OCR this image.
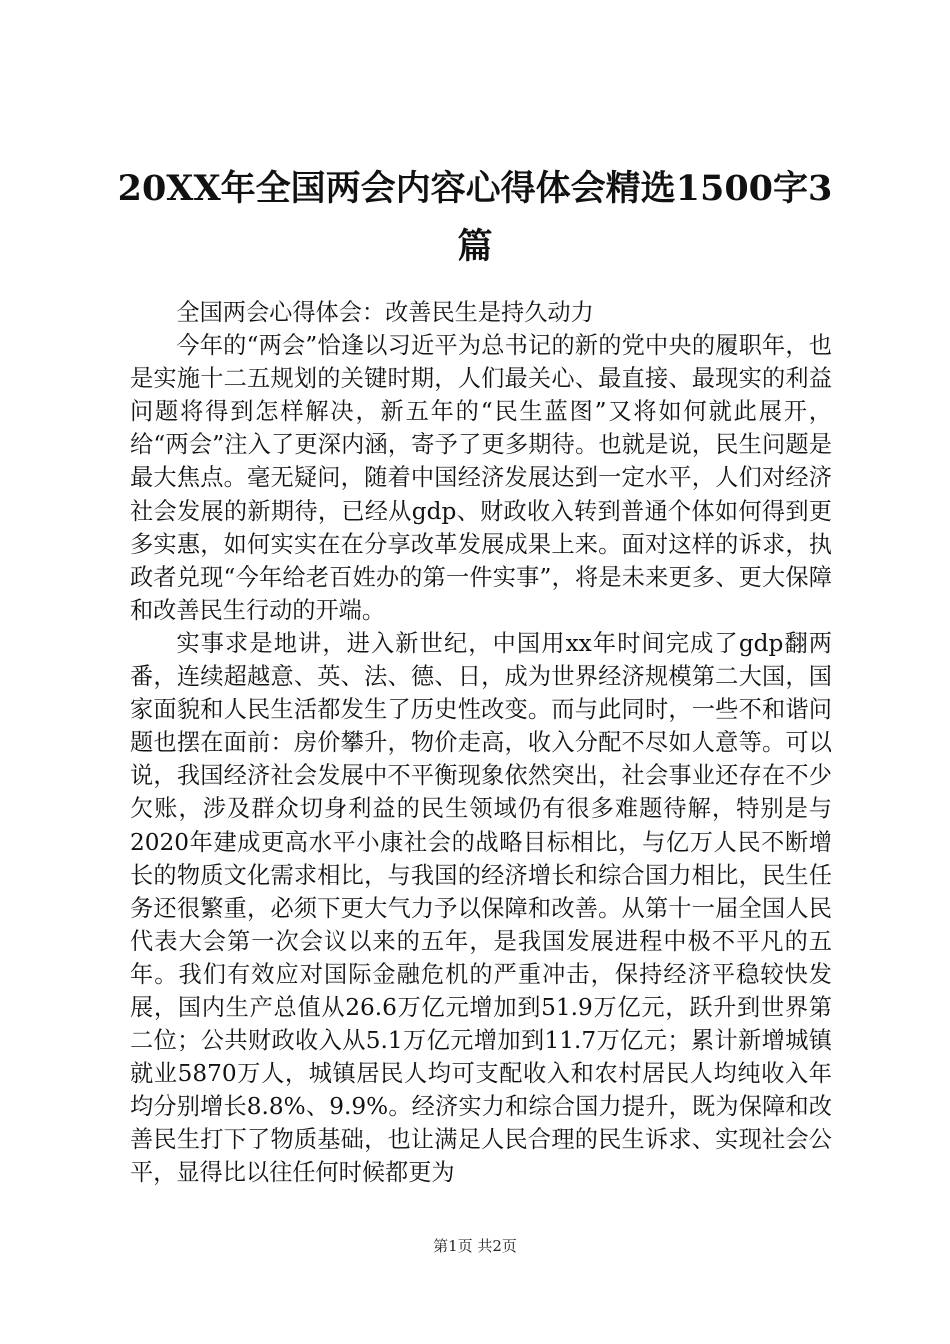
20XX年全国两会内容心得体会精选1500字3篇

全国两会心得体会：改善民生是持久动力

今年的“两会”恰逢以习近平为总书记的新的党中央的履职年，也是实施十二五规划的关键时期，人们最关心、最直接、最现实的利益问题将得到怎样解决，新五年的“民生蓝图”又将如何就此展开，给“两会”注入了更深内涵，寄予了更多期待。也就是说，民生问题是最大焦点。毫无疑问，随着中国经济发展达到一定水平，人们对经济社会发展的新期待，已经从gdp、财政收入转到普通个体如何得到更多实惠，如何实实在在分享改革发展成果上来。面对这样的诉求，执政者兑现“今年给老百姓办的第一件实事”，将是未来更多、更大保障和改善民生行动的开端。

实事求是地讲，进入新世纪，中国用xx年时间完成了gdp翻两番，连续超越意、英、法、德、日，成为世界经济规模第二大国，国家面貌和人民生活都发生了历史性改变。而与此同时，一些不和谐问题也摆在面前：房价攀升，物价走高，收入分配不尽如人意等。可以说，我国经济社会发展中不平衡现象依然突出，社会事业还存在不少欠账，涉及群众切身利益的民生领域仍有很多难题待解，特别是与2020年建成更高水平小康社会的战略目标相比，与亿万人民不断增长的物质文化需求相比，与我国的经济增长和综合国力相比，民生任务还很繁重，必须下更大气力予以保障和改善。从第十一届全国人民代表大会第一次会议以来的五年，是我国发展进程中极不平凡的五年。我们有效应对国际金融危机的严重冲击，保持经济平稳较快发展，国内生产总值从26.6万亿元增加到51.9万亿元，跃升到世界第二位；公共财政收入从5.1万亿元增加到11.7万亿元；累计新增城镇就业5870万人，城镇居民人均可支配收入和农村居民人均纯收入年均分别增长8.8%、9.9%。经济实力和综合国力提升，既为保障和改善民生打下了物质基础，也让满足人民合理的民生诉求、实现社会公平，显得比以往任何时候都更为

第1页 共2页
